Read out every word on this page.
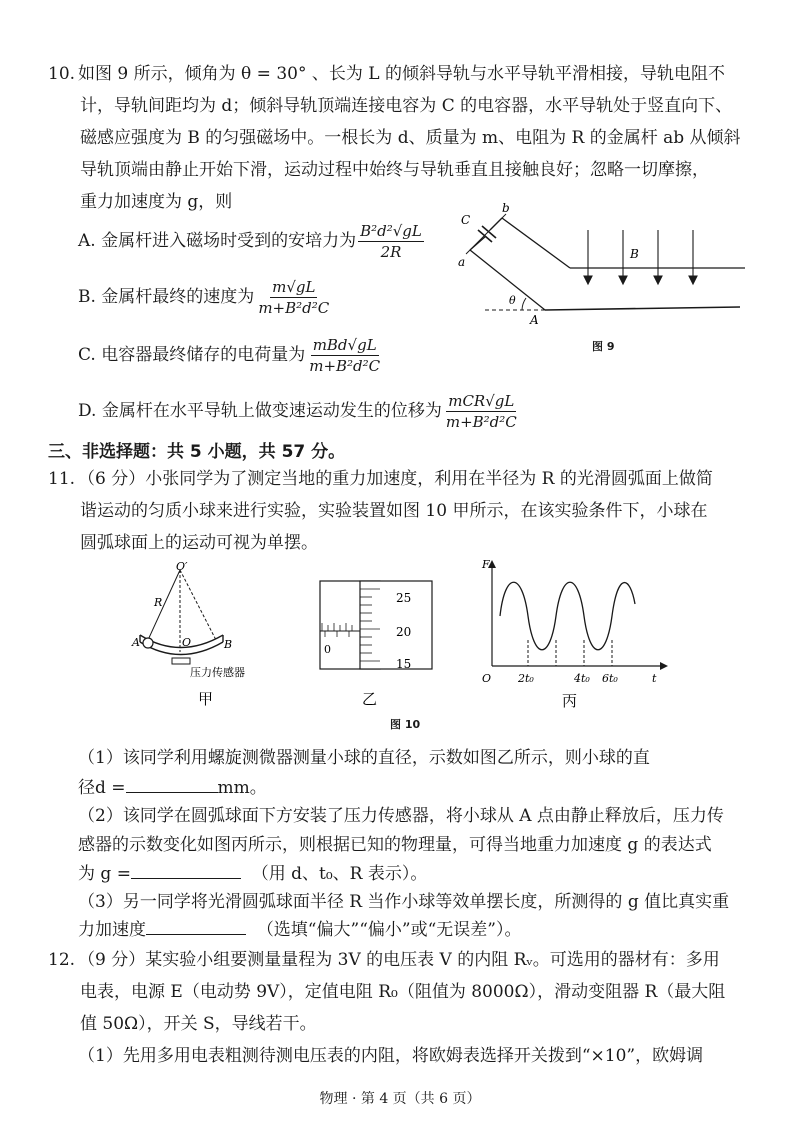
10. 如图 9 所示，倾角为 θ = 30° 、长为 L 的倾斜导轨与水平导轨平滑相接，导轨电阻不
计，导轨间距均为 d；倾斜导轨顶端连接电容为 C 的电容器，水平导轨处于竖直向下、
磁感应强度为 B 的匀强磁场中。一根长为 d、质量为 m、电阻为 R 的金属杆 ab 从倾斜
导轨顶端由静止开始下滑，运动过程中始终与导轨垂直且接触良好；忽略一切摩擦，
重力加速度为 g，则
A. 金属杆进入磁场时受到的安培力为 $\frac{\text{B²d²√gL}}{2R}$
B. 金属杆最终的速度为 $\frac{m√gL}{\text{m+B²d²C}}$
C. 电容器最终储存的电荷量为 $\frac{\text{mBd√gL}}{\text{m+B²d²C}}$
D. 金属杆在水平导轨上做变速运动发生的位移为 $\frac{\text{mCR√gL}}{\text{m+B²d²C}}$
C
b
a
θ
A
B
图 9
三、非选择题：共 5 小题，共 57 分。
11. （6 分）小张同学为了测定当地的重力加速度，利用在半径为 R 的光滑圆弧面上做简
谐运动的匀质小球来进行实验，实验装置如图 10 甲所示，在该实验条件下，小球在
圆弧球面上的运动可视为单摆。
O′
R
A	O	B
压力传感器
甲
25
20
15
0
乙
F
O	t
2t₀	4t₀ 6t₀
丙
图 10
（1）该同学利用螺旋测微器测量小球的直径，示数如图乙所示，则小球的直
径d =	mm。
（2）该同学在圆弧球面下方安装了压力传感器，将小球从 A 点由静止释放后，压力传
感器的示数变化如图丙所示，则根据已知的物理量，可得当地重力加速度 g 的表达式
为 g =	（用 d、t₀、R 表示）。
（3）另一同学将光滑圆弧球面半径 R 当作小球等效单摆长度，所测得的 g 值比真实重
力加速度	（选填“偏大”“偏小”或“无误差”）。
12. （9 分）某实验小组要测量量程为 3V 的电压表 V 的内阻 Rᵥ。可选用的器材有：多用
电表，电源 E（电动势 9V），定值电阻 R₀（阻值为 8000Ω），滑动变阻器 R（最大阻
值 50Ω），开关 S，导线若干。
（1）先用多用电表粗测待测电压表的内阻，将欧姆表选择开关拨到“×10”，欧姆调
物理 · 第 4 页（共 6 页）
